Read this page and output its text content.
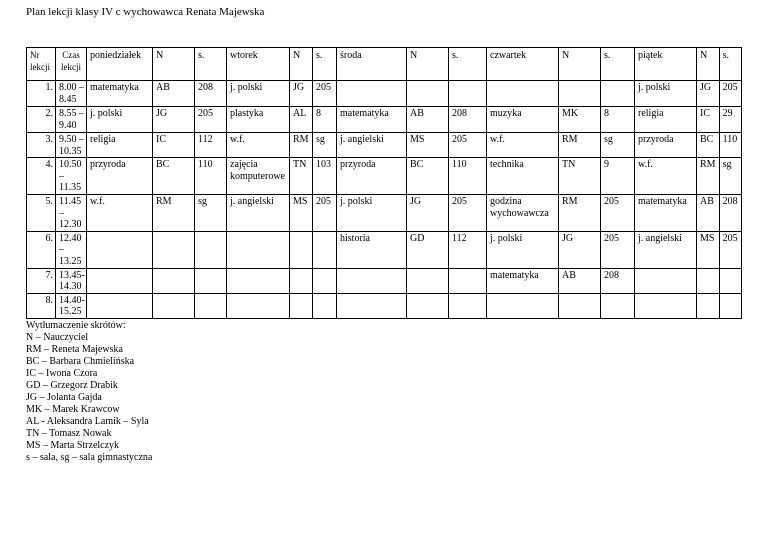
Plan lekcji klasy IV c wychowawca Renata Majewska
Nr lekcji	Czas lekcji	poniedziałek	N	s.	wtorek	N	s.	środa	N	s.	czwartek	N	s.	piątek	N	s.
1.	8.00 – 8.45	matematyka	AB	208	j. polski	JG	205							j. polski	JG	205
2.	8.55 – 9.40	j. polski	JG	205	plastyka	AL	8	matematyka	AB	208	muzyka	MK	8	religia	IC	29
3.	9.50 – 10.35	religia	IC	112	w.f.	RM	sg	j. angielski	MS	205	w.f.	RM	sg	przyroda	BC	110
4.	10.50 – 11.35	przyroda	BC	110	zajęcia komputerowe	TN	103	przyroda	BC	110	technika	TN	9	w.f.	RM	sg
5.	11.45 – 12.30	w.f.	RM	sg	j. angielski	MS	205	j. polski	JG	205	godzina wychowawcza	RM	205	matematyka	AB	208
6.	12.40 – 13.25							historia	GD	112	j. polski	JG	205	j. angielski	MS	205
7.	13.45- 14.30										matematyka	AB	208			
8.	14.40- 15.25															
Wytłumaczenie skrótów:
N – Nauczyciel
RM – Reneta Majewska
BC – Barbara Chmielińska
IC – Iwona Czora
GD – Grzegorz Drabik
JG – Jolanta Gajda
MK – Marek Krawcow
AL - Aleksandra Lamik – Syla
TN – Tomasz Nowak
MS – Marta Strzelczyk
s – sala, sg – sala gimnastyczna
